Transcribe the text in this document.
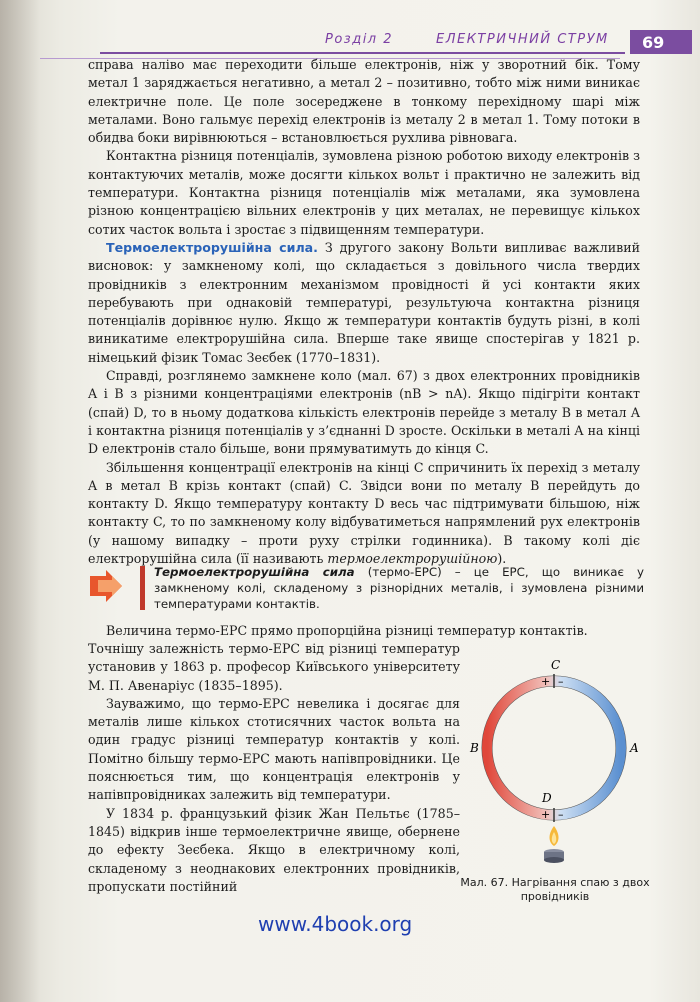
Розділ 2	ЕЛЕКТРИЧНИЙ СТРУМ 69

справа наліво має переходити більше електронів, ніж у зворотний бік. Тому метал 1 заряджається негативно, а метал 2 – позитивно, тобто між ними виникає електричне поле. Це поле зосереджене в тонкому перехідному шарі між металами. Воно гальмує перехід електронів із металу 2 в метал 1. Тому потоки в обидва боки вирівнюються – встановлюється рухлива рівновага.

Контактна різниця потенціалів, зумовлена різною роботою виходу електронів з контактуючих металів, може досягти кількох вольт і практично не залежить від температури. Контактна різниця потенціалів між металами, яка зумовлена різною концентрацією вільних електронів у цих металах, не перевищує кількох сотих часток вольта і зростає з підвищенням температури.

Термоелектрорушійна сила. З другого закону Вольти випливає важливий висновок: у замкненому колі, що складається з довільного числа твердих провідників з електронним механізмом провідності й усі контакти яких перебувають при однаковій температурі, результуюча контактна різниця потенціалів дорівнює нулю. Якщо ж температури контактів будуть різні, в колі виникатиме електрорушійна сила. Вперше таке явище спостерігав у 1821 р. німецький фізик Томас Зеєбек (1770–1831).

Справді, розглянемо замкнене коло (мал. 67) з двох електронних провідників A і B з різними концентраціями електронів (nB > nA). Якщо підігріти контакт (спай) D, то в ньому додаткова кількість електронів перейде з металу B в метал A і контактна різниця потенціалів у з’єднанні D зросте. Оскільки в металі A на кінці D електронів стало більше, вони прямуватимуть до кінця C.

Збільшення концентрації електронів на кінці C спричинить їх перехід з металу A в метал B крізь контакт (спай) C. Звідси вони по металу B перейдуть до контакту D. Якщо температуру контакту D весь час підтримувати більшою, ніж контакту C, то по замкненому колу відбуватиметься напрямлений рух електронів (у нашому випадку – проти руху стрілки годинника). В такому колі діє електрорушійна сила (її називають термоелектрорушійною).

Термоелектрорушійна сила (термо-ЕРС) – це ЕРС, що виникає у замкненому колі, складеному з різнорідних металів, і зумовлена різними температурами контактів.

Величина термо-ЕРС прямо пропорційна різниці температур контактів.

Точнішу залежність термо-ЕРС від різниці температур установив у 1863 р. професор Київського університету М. П. Авенаріус (1835–1895).

Зауважимо, що термо-ЕРС невелика і досягає для металів лише кількох стотисячних часток вольта на один градус різниці температур контактів у колі. Помітно більшу термо-ЕРС мають напівпровідники. Це пояснюється тим, що концентрація електронів у напівпровідниках залежить від температури.

У 1834 р. французький фізик Жан Пельтьє (1785–1845) відкрив інше термоелектричне явище, обернене до ефекту Зеєбека. Якщо в електричному колі, складеному з неоднакових електронних провідників, пропускати постійний

C
+ –
D
+ –
B	A
Мал. 67. Нагрівання спаю з двох провідників
www.4book.org
